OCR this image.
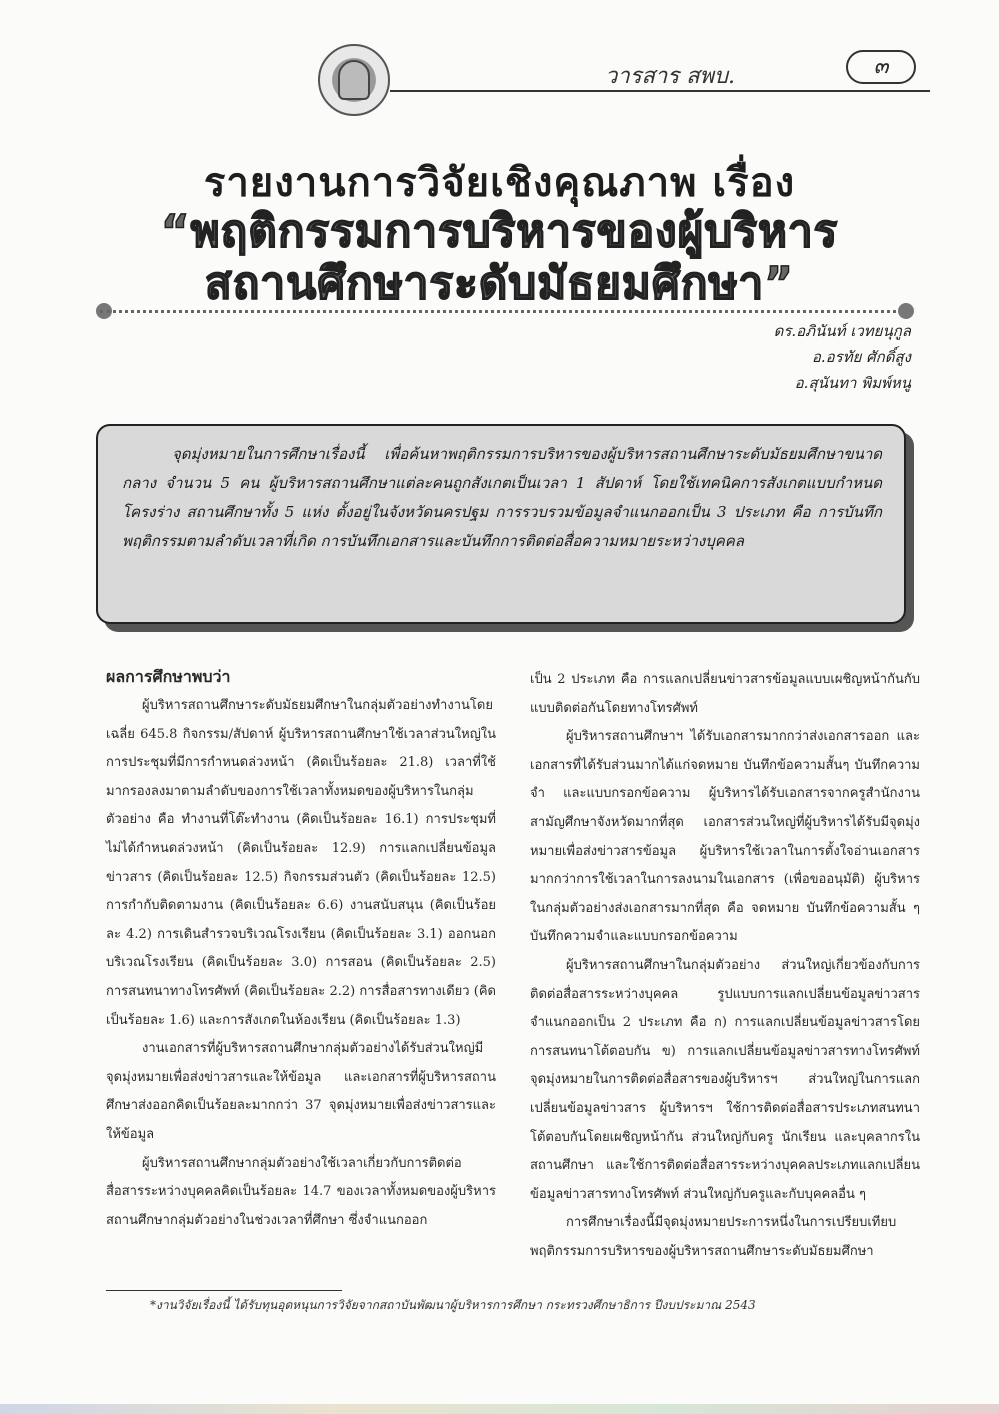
วารสาร สพบ.	๓
รายงานการวิจัยเชิงคุณภาพ เรื่อง
“พฤติกรรมการบริหารของผู้บริหาร
สถานศึกษาระดับมัธยมศึกษา”
ดร.อภินันท์ เวทยนุกูล
อ.อรทัย ศักดิ์สูง
อ.สุนันทา พิมพ์หนู

จุดมุ่งหมายในการศึกษาเรื่องนี้ เพื่อค้นหาพฤติกรรมการบริหารของผู้บริหารสถานศึกษาระดับมัธยมศึกษาขนาดกลาง จำนวน 5 คน ผู้บริหารสถานศึกษาแต่ละคนถูกสังเกตเป็นเวลา 1 สัปดาห์ โดยใช้เทคนิคการสังเกตแบบกำหนดโครงร่าง สถานศึกษาทั้ง 5 แห่ง ตั้งอยู่ในจังหวัดนครปฐม การรวบรวมข้อมูลจำแนกออกเป็น 3 ประเภท คือ การบันทึกพฤติกรรมตามลำดับเวลาที่เกิด การบันทึกเอกสารและบันทึกการติดต่อสื่อความหมายระหว่างบุคคล

ผลการศึกษาพบว่า

ผู้บริหารสถานศึกษาระดับมัธยมศึกษาในกลุ่มตัวอย่างทำงานโดยเฉลี่ย 645.8 กิจกรรม/สัปดาห์ ผู้บริหารสถานศึกษาใช้เวลาส่วนใหญ่ในการประชุมที่มีการกำหนดล่วงหน้า (คิดเป็นร้อยละ 21.8) เวลาที่ใช้มากรองลงมาตามลำดับของการใช้เวลาทั้งหมดของผู้บริหารในกลุ่มตัวอย่าง คือ ทำงานที่โต๊ะทำงาน (คิดเป็นร้อยละ 16.1) การประชุมที่ไม่ได้กำหนดล่วงหน้า (คิดเป็นร้อยละ 12.9) การแลกเปลี่ยนข้อมูลข่าวสาร (คิดเป็นร้อยละ 12.5) กิจกรรมส่วนตัว (คิดเป็นร้อยละ 12.5) การกำกับติดตามงาน (คิดเป็นร้อยละ 6.6) งานสนับสนุน (คิดเป็นร้อยละ 4.2) การเดินสำรวจบริเวณโรงเรียน (คิดเป็นร้อยละ 3.1) ออกนอกบริเวณโรงเรียน (คิดเป็นร้อยละ 3.0) การสอน (คิดเป็นร้อยละ 2.5) การสนทนาทางโทรศัพท์ (คิดเป็นร้อยละ 2.2) การสื่อสารทางเดียว (คิดเป็นร้อยละ 1.6) และการสังเกตในห้องเรียน (คิดเป็นร้อยละ 1.3)

งานเอกสารที่ผู้บริหารสถานศึกษากลุ่มตัวอย่างได้รับส่วนใหญ่มีจุดมุ่งหมายเพื่อส่งข่าวสารและให้ข้อมูล และเอกสารที่ผู้บริหารสถานศึกษาส่งออกคิดเป็นร้อยละมากกว่า 37 จุดมุ่งหมายเพื่อส่งข่าวสารและให้ข้อมูล

ผู้บริหารสถานศึกษากลุ่มตัวอย่างใช้เวลาเกี่ยวกับการติดต่อสื่อสารระหว่างบุคคลคิดเป็นร้อยละ 14.7 ของเวลาทั้งหมดของผู้บริหารสถานศึกษากลุ่มตัวอย่างในช่วงเวลาที่ศึกษา ซึ่งจำแนกออก

เป็น 2 ประเภท คือ การแลกเปลี่ยนข่าวสารข้อมูลแบบเผชิญหน้ากันกับแบบติดต่อกันโดยทางโทรศัพท์

ผู้บริหารสถานศึกษาฯ ได้รับเอกสารมากกว่าส่งเอกสารออก และเอกสารที่ได้รับส่วนมากได้แก่จดหมาย บันทึกข้อความสั้นๆ บันทึกความจำ และแบบกรอกข้อความ ผู้บริหารได้รับเอกสารจากครูสำนักงานสามัญศึกษาจังหวัดมากที่สุด เอกสารส่วนใหญ่ที่ผู้บริหารได้รับมีจุดมุ่งหมายเพื่อส่งข่าวสารข้อมูล ผู้บริหารใช้เวลาในการตั้งใจอ่านเอกสารมากกว่าการใช้เวลาในการลงนามในเอกสาร (เพื่อขออนุมัติ) ผู้บริหารในกลุ่มตัวอย่างส่งเอกสารมากที่สุด คือ จดหมาย บันทึกข้อความสั้น ๆ บันทึกความจำและแบบกรอกข้อความ

ผู้บริหารสถานศึกษาในกลุ่มตัวอย่าง ส่วนใหญ่เกี่ยวข้องกับการติดต่อสื่อสารระหว่างบุคคล รูปแบบการแลกเปลี่ยนข้อมูลข่าวสารจำแนกออกเป็น 2 ประเภท คือ ก) การแลกเปลี่ยนข้อมูลข่าวสารโดยการสนทนาโต้ตอบกัน ข) การแลกเปลี่ยนข้อมูลข่าวสารทางโทรศัพท์ จุดมุ่งหมายในการติดต่อสื่อสารของผู้บริหารฯ ส่วนใหญ่ในการแลกเปลี่ยนข้อมูลข่าวสาร ผู้บริหารฯ ใช้การติดต่อสื่อสารประเภทสนทนาโต้ตอบกันโดยเผชิญหน้ากัน ส่วนใหญ่กับครู นักเรียน และบุคลากรในสถานศึกษา และใช้การติดต่อสื่อสารระหว่างบุคคลประเภทแลกเปลี่ยนข้อมูลข่าวสารทางโทรศัพท์ ส่วนใหญ่กับครูและกับบุคคลอื่น ๆ

การศึกษาเรื่องนี้มีจุดมุ่งหมายประการหนึ่งในการเปรียบเทียบพฤติกรรมการบริหารของผู้บริหารสถานศึกษาระดับมัธยมศึกษา

*งานวิจัยเรื่องนี้ ได้รับทุนอุดหนุนการวิจัยจากสถาบันพัฒนาผู้บริหารการศึกษา กระทรวงศึกษาธิการ ปีงบประมาณ 2543
